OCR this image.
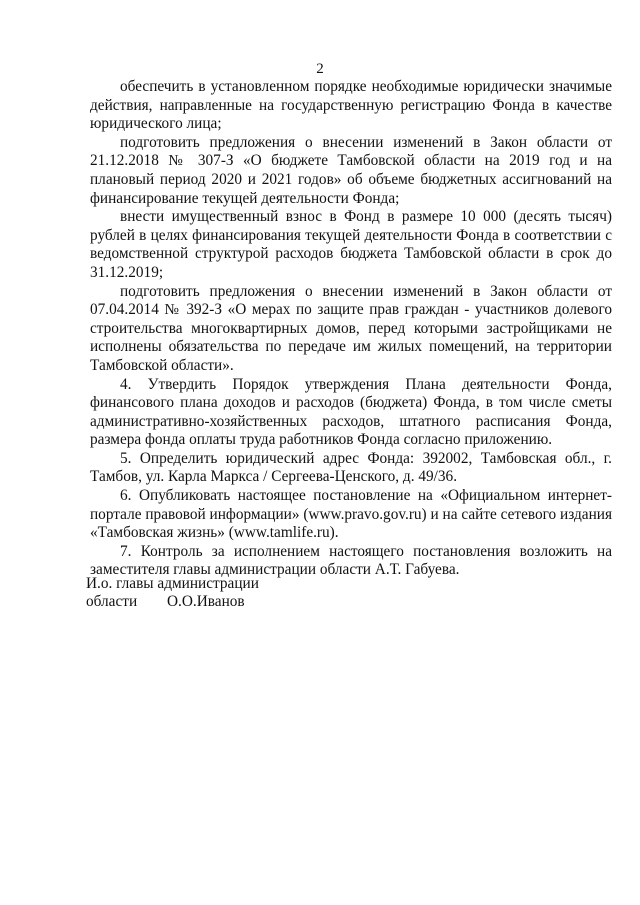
2

обеспечить в установленном порядке необходимые юридически значимые действия, направленные на государственную регистрацию Фонда в качестве юридического лица;

подготовить предложения о внесении изменений в Закон области от 21.12.2018 № 307-З «О бюджете Тамбовской области на 2019 год и на плановый период 2020 и 2021 годов» об объеме бюджетных ассигнований на финансирование текущей деятельности Фонда;

внести имущественный взнос в Фонд в размере 10 000 (десять тысяч) рублей в целях финансирования текущей деятельности Фонда в соответствии с ведомственной структурой расходов бюджета Тамбовской области в срок до 31.12.2019;

подготовить предложения о внесении изменений в Закон области от 07.04.2014 № 392-З «О мерах по защите прав граждан - участников долевого строительства многоквартирных домов, перед которыми застройщиками не исполнены обязательства по передаче им жилых помещений, на территории Тамбовской области».

4. Утвердить Порядок утверждения Плана деятельности Фонда, финансового плана доходов и расходов (бюджета) Фонда, в том числе сметы административно-хозяйственных расходов, штатного расписания Фонда, размера фонда оплаты труда работников Фонда согласно приложению.

5. Определить юридический адрес Фонда: 392002, Тамбовская обл., г. Тамбов, ул. Карла Маркса / Сергеева-Ценского, д. 49/36.

6. Опубликовать настоящее постановление на «Официальном интернет-портале правовой информации» (www.pravo.gov.ru) и на сайте сетевого издания «Тамбовская жизнь» (www.tamlife.ru).

7. Контроль за исполнением настоящего постановления возложить на заместителя главы администрации области А.Т. Габуева.

И.о. главы администрации
области О.О.Иванов
